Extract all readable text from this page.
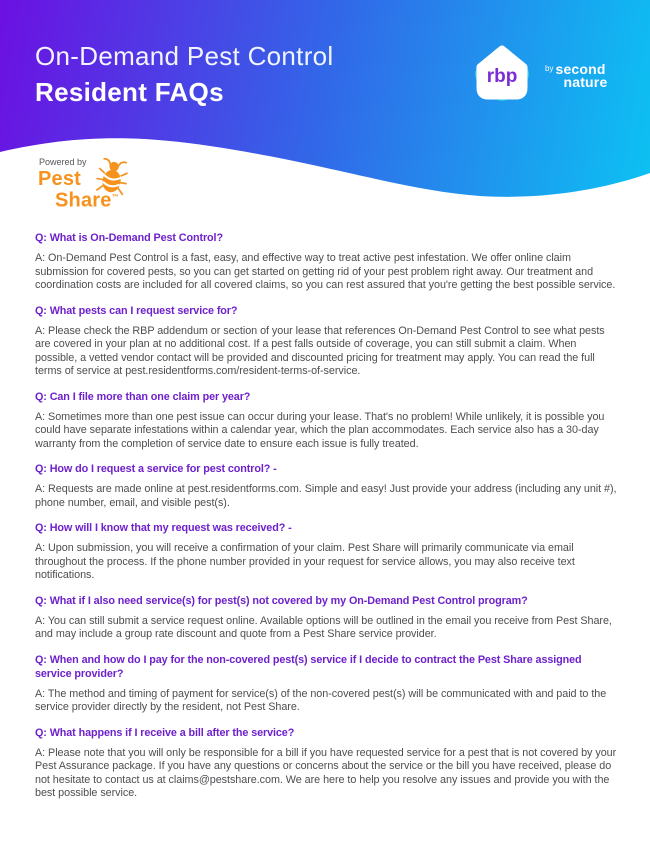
On-Demand Pest Control
Resident FAQs
rbp	by second
nature
Powered by
Pest
Share™
Q: What is On-Demand Pest Control?

A: On-Demand Pest Control is a fast, easy, and effective way to treat active pest infestation. We offer online claim submission for covered pests, so you can get started on getting rid of your pest problem right away. Our treatment and coordination costs are included for all covered claims, so you can rest assured that you're getting the best possible service.

Q: What pests can I request service for?

A: Please check the RBP addendum or section of your lease that references On-Demand Pest Control to see what pests are covered in your plan at no additional cost. If a pest falls outside of coverage, you can still submit a claim. When possible, a vetted vendor contact will be provided and discounted pricing for treatment may apply. You can read the full terms of service at pest.residentforms.com/resident-terms-of-service.

Q: Can I file more than one claim per year?

A: Sometimes more than one pest issue can occur during your lease. That's no problem! While unlikely, it is possible you could have separate infestations within a calendar year, which the plan accommodates. Each service also has a 30-day warranty from the completion of service date to ensure each issue is fully treated.

Q: How do I request a service for pest control? -

A: Requests are made online at pest.residentforms.com. Simple and easy! Just provide your address (including any unit #), phone number, email, and visible pest(s).

Q: How will I know that my request was received? -

A: Upon submission, you will receive a confirmation of your claim. Pest Share will primarily communicate via email throughout the process. If the phone number provided in your request for service allows, you may also receive text notifications.

Q: What if I also need service(s) for pest(s) not covered by my On-Demand Pest Control program?

A: You can still submit a service request online. Available options will be outlined in the email you receive from Pest Share, and may include a group rate discount and quote from a Pest Share service provider.

Q: When and how do I pay for the non-covered pest(s) service if I decide to contract the Pest Share assigned service provider?

A: The method and timing of payment for service(s) of the non-covered pest(s) will be communicated with and paid to the service provider directly by the resident, not Pest Share.

Q: What happens if I receive a bill after the service?

A: Please note that you will only be responsible for a bill if you have requested service for a pest that is not covered by your Pest Assurance package. If you have any questions or concerns about the service or the bill you have received, please do not hesitate to contact us at claims@pestshare.com. We are here to help you resolve any issues and provide you with the best possible service.
